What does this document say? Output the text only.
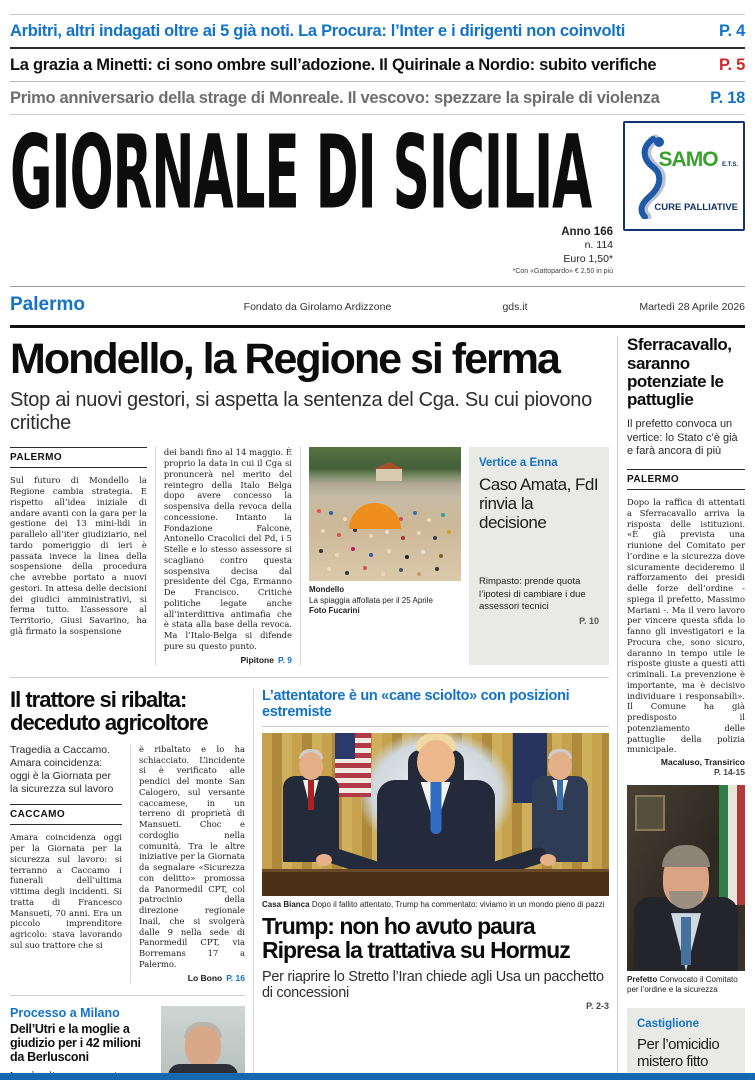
Arbitri, altri indagati oltre ai 5 già noti. La Procura: l’Inter e i dirigenti non coinvolti	P. 4
La grazia a Minetti: ci sono ombre sull’adozione. Il Quirinale a Nordio: subito verifiche	P. 5
Primo anniversario della strage di Monreale. Il vescovo: spezzare la spirale di violenza	P. 18
GIORNALE DI SICILIA
Anno 166
n. 114
Euro 1,50*
*Con «Gattopardo» € 2,50 in più
SAMO E.T.S.
CURE PALLIATIVE
Palermo	Fondato da Girolamo Ardizzone	gds.it	Martedì 28 Aprile 2026
Mondello, la Regione si ferma
Stop ai nuovi gestori, si aspetta la sentenza del Cga. Su cui piovono critiche
PALERMO
Sul futuro di Mondello la Regione cambia strategia. E rispetto all’idea iniziale di andare avanti con la gara per la gestione dei 13 mini-lidi in parallelo all’iter giudiziario, nel tardo pomeriggio di ieri è passata invece la linea della sospensione della procedura che avrebbe portato a nuovi gestori. In attesa delle decisioni dei giudici amministrativi, si ferma tutto. L’assessore al Territorio, Giusi Savarino, ha già firmato la sospensione
dei bandi fino al 14 maggio. È proprio la data in cui il Cga si pronuncerà nel merito del reintegro della Italo Belga dopo avere concesso la sospensiva della revoca della concessione. Intanto la Fondazione Falcone, Antonello Cracolici del Pd, i 5 Stelle e lo stesso assessore si scagliano contro questa sospensiva decisa dal presidente del Cga, Ermanno De Francisco. Critiche politiche legate anche all’interdittiva antimafia che è stata alla base della revoca. Ma l’Italo-Belga si difende pure su questo punto.
Pipitone P. 9
Mondello
La spiaggia affollata per il 25 Aprile
Foto Fucarini
Vertice a Enna
Caso Amata, FdI rinvia la decisione
Rimpasto: prende quota l’ipotesi di cambiare i due assessori tecnici
P. 10
Il trattore si ribalta: deceduto agricoltore
Tragedia a Caccamo. Amara coincidenza: oggi è la Giornata per la sicurezza sul lavoro
CACCAMO
Amara coincidenza oggi per la Giornata per la sicurezza sul lavoro: si terranno a Caccamo i funerali dell’ultima vittima degli incidenti. Si tratta di Francesco Mansueti, 70 anni. Era un piccolo imprenditore agricolo: stava lavorando sul suo trattore che si
è ribaltato e lo ha schiacciato. L’incidente si è verificato alle pendici del monte San Calogero, sul versante caccamese, in un terreno di proprietà di Mansueti. Choc e cordoglio nella comunità. Tra le altre iniziative per la Giornata da segnalare «Sicurezza con delitto» promossa da Panormedil CPT, col patrocinio della direzione regionale Inail, che si svolgerà dalle 9 nella sede di Panormedil CPT, via Borremans 17 a Palermo.
Lo Bono P. 16
Processo a Milano
Dell’Utri e la moglie a giudizio per i 42 milioni da Berlusconi
L’attentatore è un «cane sciolto» con posizioni estremiste
Casa Bianca Dopo il fallito attentato, Trump ha commentato: viviamo in un mondo pieno di pazzi
Trump: non ho avuto paura
Ripresa la trattativa su Hormuz
Per riaprire lo Stretto l’Iran chiede agli Usa un pacchetto di concessioni
P. 2-3
Sferracavallo, saranno potenziate le pattuglie
Il prefetto convoca un vertice: lo Stato c’è già e farà ancora di più
PALERMO
Dopo la raffica di attentati a Sferracavallo arriva la risposta delle istituzioni. «È già prevista una riunione del Comitato per l’ordine e la sicurezza dove sicuramente decideremo il rafforzamento dei presidi delle forze dell’ordine - spiega il prefetto, Massimo Mariani -. Ma il vero lavoro per vincere questa sfida lo fanno gli investigatori e la Procura che, sono sicuro, daranno in tempo utile le risposte giuste a questi atti criminali. La prevenzione è importante, ma è decisivo individuare i responsabili». Il Comune ha già predisposto il potenziamento delle pattuglie della polizia municipale.
Macaluso, Transirico
P. 14-15
Prefetto Convocato il Comitato per l’ordine e la sicurezza
Castiglione
Per l’omicidio mistero fitto
